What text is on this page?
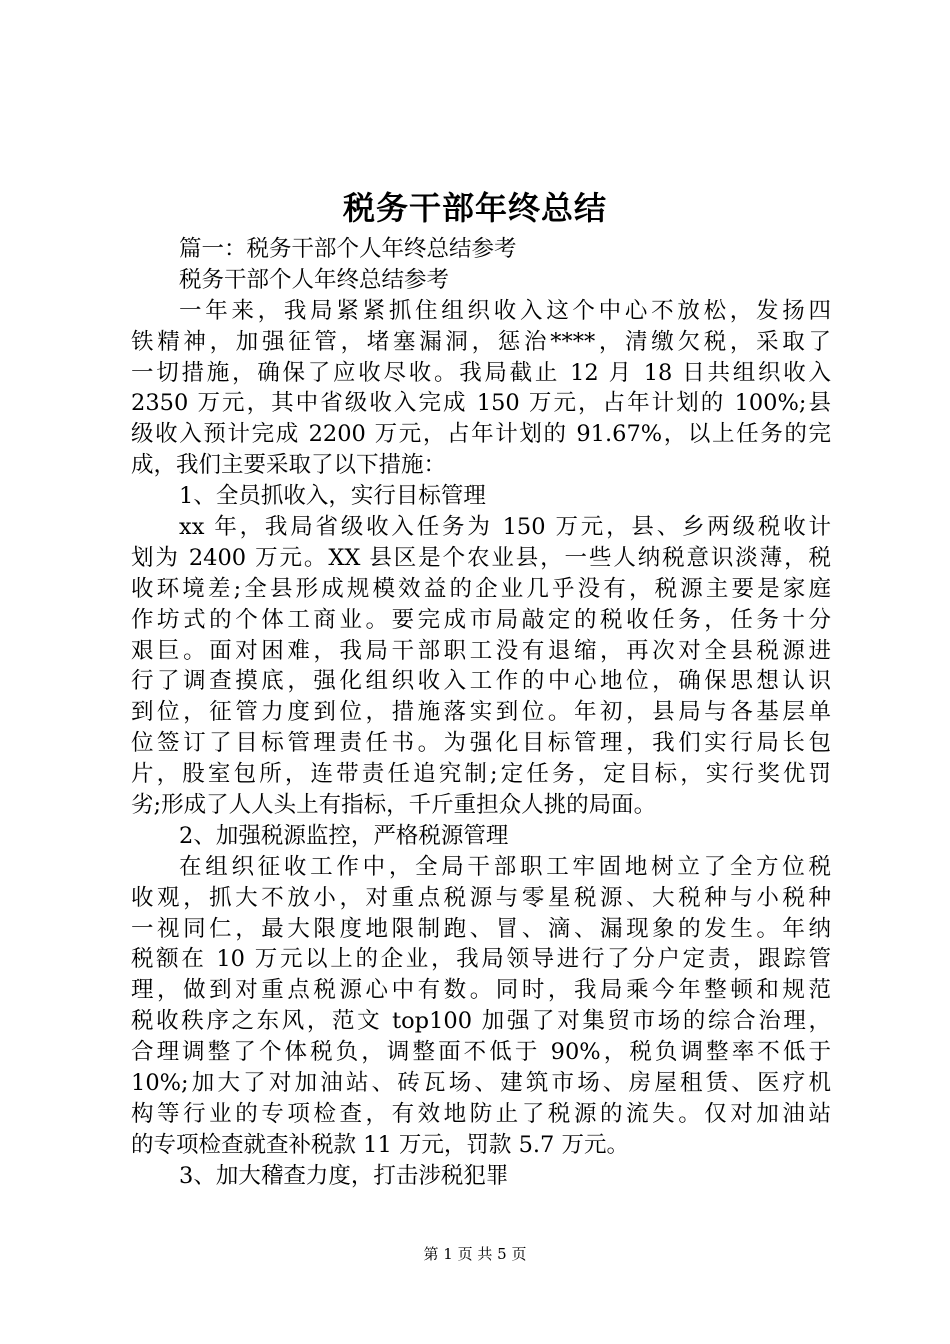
税务干部年终总结
篇一：税务干部个人年终总结参考
税务干部个人年终总结参考
一年来，我局紧紧抓住组织收入这个中心不放松，发扬四
铁精神，加强征管，堵塞漏洞，惩治****，清缴欠税，采取了
一切措施，确保了应收尽收。我局截止 12 月 18 日共组织收入
2350 万元，其中省级收入完成 150 万元，占年计划的 100%;县
级收入预计完成 2200 万元，占年计划的 91.67%，以上任务的完
成，我们主要采取了以下措施：
1、全员抓收入，实行目标管理
xx 年，我局省级收入任务为 150 万元，县、乡两级税收计
划为 2400 万元。XX 县区是个农业县，一些人纳税意识淡薄，税
收环境差;全县形成规模效益的企业几乎没有，税源主要是家庭
作坊式的个体工商业。要完成市局敲定的税收任务，任务十分
艰巨。面对困难，我局干部职工没有退缩，再次对全县税源进
行了调查摸底，强化组织收入工作的中心地位，确保思想认识
到位，征管力度到位，措施落实到位。年初，县局与各基层单
位签订了目标管理责任书。为强化目标管理，我们实行局长包
片，股室包所，连带责任追究制;定任务，定目标，实行奖优罚
劣;形成了人人头上有指标，千斤重担众人挑的局面。
2、加强税源监控，严格税源管理
在组织征收工作中，全局干部职工牢固地树立了全方位税
收观，抓大不放小，对重点税源与零星税源、大税种与小税种
一视同仁，最大限度地限制跑、冒、滴、漏现象的发生。年纳
税额在 10 万元以上的企业，我局领导进行了分户定责，跟踪管
理，做到对重点税源心中有数。同时，我局乘今年整顿和规范
税收秩序之东风，范文 top100 加强了对集贸市场的综合治理，
合理调整了个体税负，调整面不低于 90%，税负调整率不低于
10%;加大了对加油站、砖瓦场、建筑市场、房屋租赁、医疗机
构等行业的专项检查，有效地防止了税源的流失。仅对加油站
的专项检查就查补税款 11 万元，罚款 5.7 万元。
3、加大稽查力度，打击涉税犯罪
第 1 页 共 5 页
